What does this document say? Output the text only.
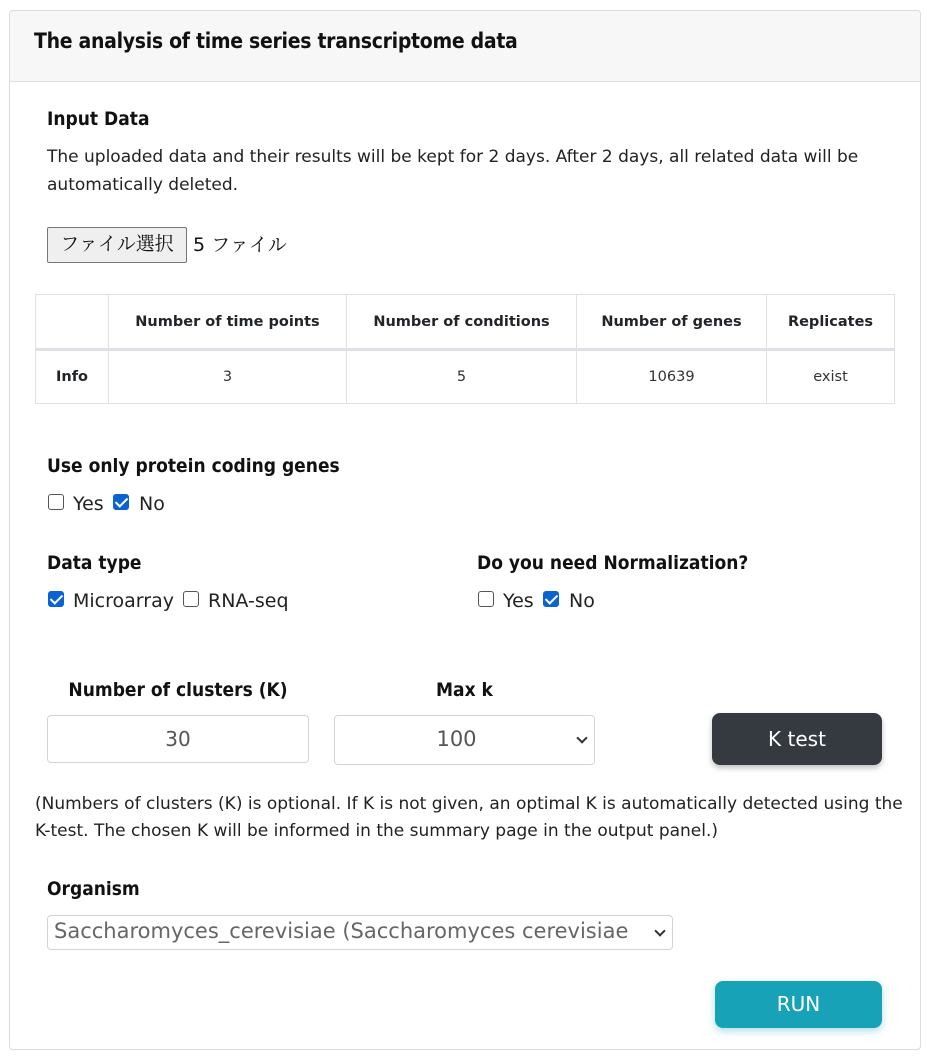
The analysis of time series transcriptome data
Input Data
The uploaded data and their results will be kept for 2 days. After 2 days, all related data will be automatically deleted.
ファイル選択	5 ファイル
	Number of time points	Number of conditions	Number of genes	Replicates
Info	3	5	10639	exist
Use only protein coding genes
Yes No
Data type
Microarray RNA-seq
Do you need Normalization?
Yes No
Number of clusters (K)
30	Max k
100	K test
(Numbers of clusters (K) is optional. If K is not given, an optimal K is automatically detected using the K-test. The chosen K will be informed in the summary page in the output panel.)
Organism
Saccharomyces_cerevisiae (Saccharomyces cerevisiae
RUN
